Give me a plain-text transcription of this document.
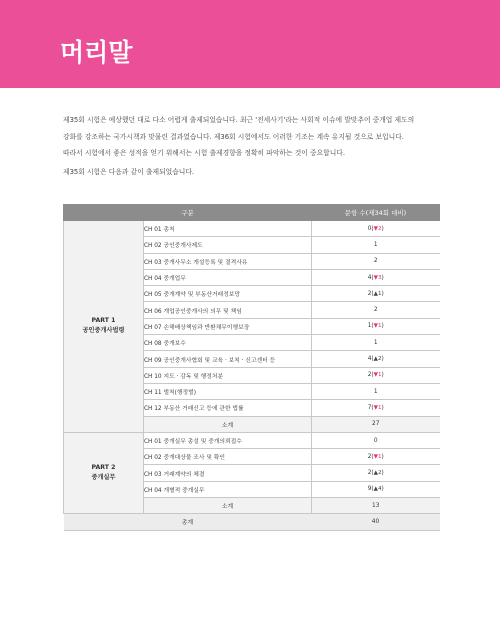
머리말

제35회 시험은 예상했던 대로 다소 어렵게 출제되었습니다. 최근 '전세사기'라는 사회적 이슈에 발맞추어 중개업 제도의

강화를 강조하는 국가시책과 맞물린 결과였습니다. 제36회 시험에서도 이러한 기조는 계속 유지될 것으로 보입니다.

따라서 시험에서 좋은 성적을 얻기 위해서는 시험 출제경향을 정확히 파악하는 것이 중요합니다.

제35회 시험은 다음과 같이 출제되었습니다.

구분		문항 수(제34회 대비)

PART 1
공인중개사법령	CH 01 총칙	0(▼2)
	CH 02 공인중개사제도	1
	CH 03 중개사무소 개설등록 및 결격사유	2
	CH 04 중개업무	4(▼3)
	CH 05 중개계약 및 부동산거래정보망	2(▲1)
	CH 06 개업공인중개사의 의무 및 책임	2
	CH 07 손해배상책임과 반환채무이행보장	1(▼1)
	CH 08 중개보수	1
	CH 09 공인중개사협회 및 교육 · 보칙 · 신고센터 등	4(▲2)
	CH 10 지도 · 감독 및 행정처분	2(▼1)
	CH 11 벌칙(행정벌)	1
	CH 12 부동산 거래신고 등에 관한 법률	7(▼1)
	소계	27

PART 2
중개실무	CH 01 중개실무 총설 및 중개의뢰접수	0
	CH 02 중개대상물 조사 및 확인	2(▼1)
	CH 03 거래계약의 체결	2(▲2)
	CH 04 개별적 중개실무	9(▲4)
	소계	13
총계		40
